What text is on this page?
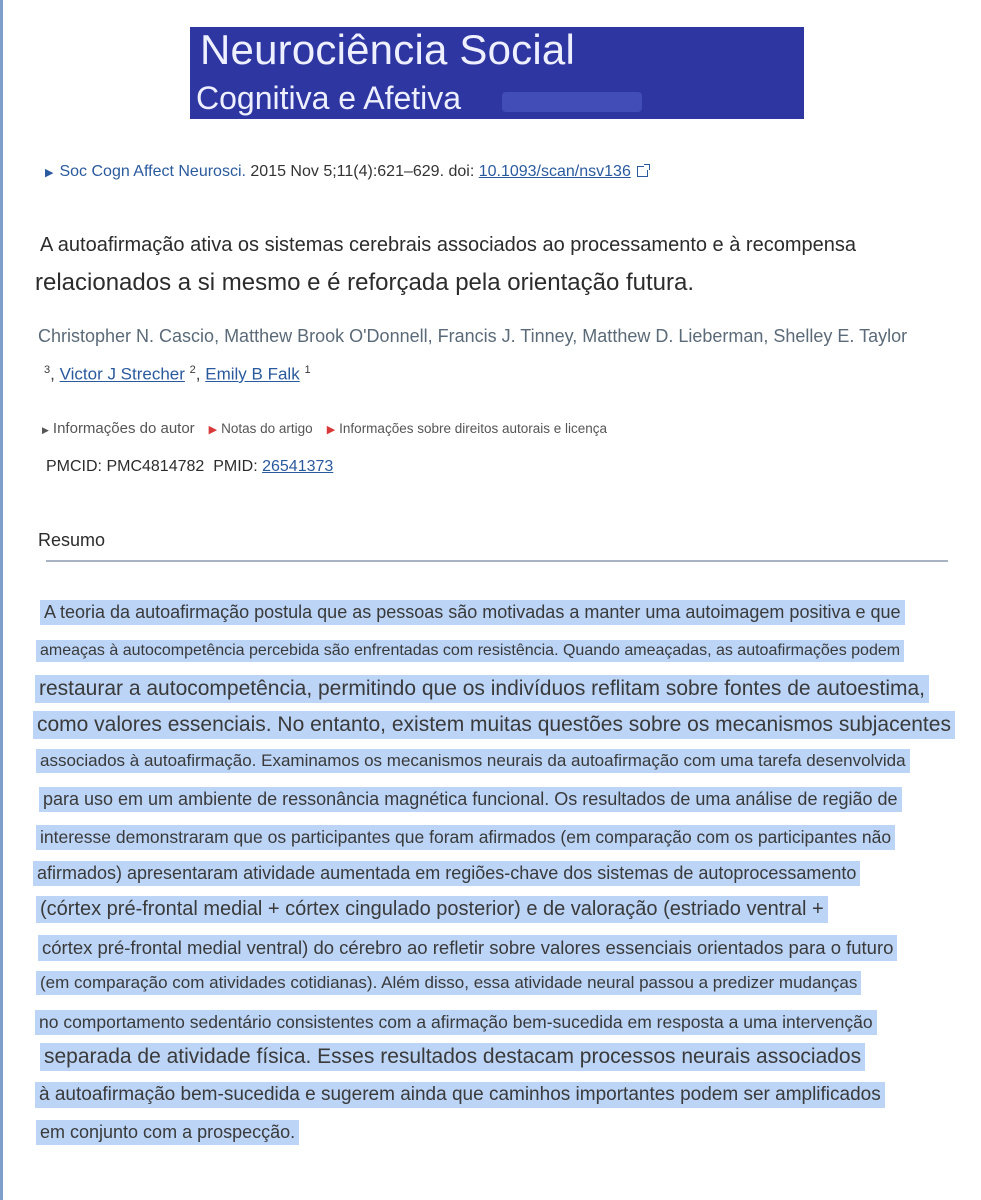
Neurociência Social
Cognitiva e Afetiva
▶ Soc Cogn Affect Neurosci. 2015 Nov 5;11(4):621–629. doi: 10.1093/scan/nsv136
A autoafirmação ativa os sistemas cerebrais associados ao processamento e à recompensa
relacionados a si mesmo e é reforçada pela orientação futura.
Christopher N. Cascio, Matthew Brook O'Donnell, Francis J. Tinney, Matthew D. Lieberman, Shelley E. Taylor
$^3$, Victor J Strecher $^2$, Emily B Falk $^1$
▶ Informações do autor ▶ Notas do artigo ▶ Informações sobre direitos autorais e licença
PMCID: PMC4814782 PMID: 26541373
Resumo
A teoria da autoafirmação postula que as pessoas são motivadas a manter uma autoimagem positiva e que
ameaças à autocompetência percebida são enfrentadas com resistência. Quando ameaçadas, as autoafirmações podem
restaurar a autocompetência, permitindo que os indivíduos reflitam sobre fontes de autoestima,
como valores essenciais. No entanto, existem muitas questões sobre os mecanismos subjacentes
associados à autoafirmação. Examinamos os mecanismos neurais da autoafirmação com uma tarefa desenvolvida
para uso em um ambiente de ressonância magnética funcional. Os resultados de uma análise de região de
interesse demonstraram que os participantes que foram afirmados (em comparação com os participantes não
afirmados) apresentaram atividade aumentada em regiões-chave dos sistemas de autoprocessamento
(córtex pré-frontal medial + córtex cingulado posterior) e de valoração (estriado ventral +
córtex pré-frontal medial ventral) do cérebro ao refletir sobre valores essenciais orientados para o futuro
(em comparação com atividades cotidianas). Além disso, essa atividade neural passou a predizer mudanças
no comportamento sedentário consistentes com a afirmação bem-sucedida em resposta a uma intervenção
separada de atividade física. Esses resultados destacam processos neurais associados
à autoafirmação bem-sucedida e sugerem ainda que caminhos importantes podem ser amplificados
em conjunto com a prospecção.
